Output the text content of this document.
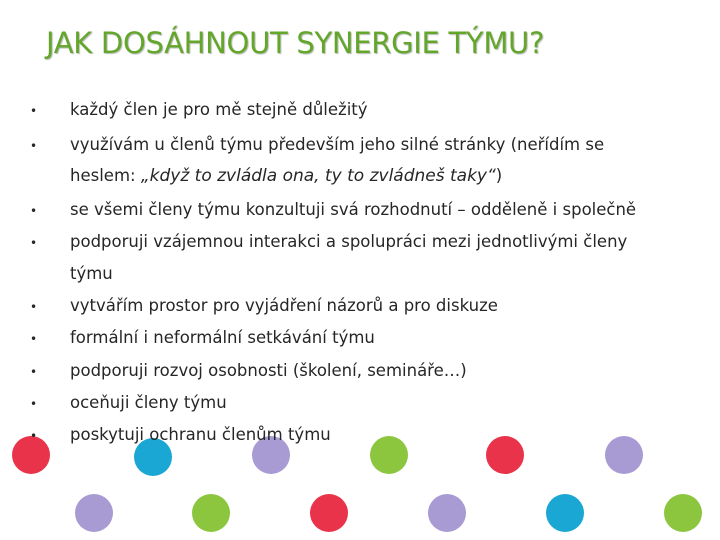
JAK DOSÁHNOUT SYNERGIE TÝMU?
• každý člen je pro mě stejně důležitý
• využívám u členů týmu především jeho silné stránky (neřídím se
heslem: „když to zvládla ona, ty to zvládneš taky“)
• se všemi členy týmu konzultuji svá rozhodnutí – odděleně i společně
• podporuji vzájemnou interakci a spolupráci mezi jednotlivými členy
týmu
• vytvářím prostor pro vyjádření názorů a pro diskuze
• formální i neformální setkávání týmu
• podporuji rozvoj osobnosti (školení, semináře…)
• oceňuji členy týmu
• poskytuji ochranu členům týmu
